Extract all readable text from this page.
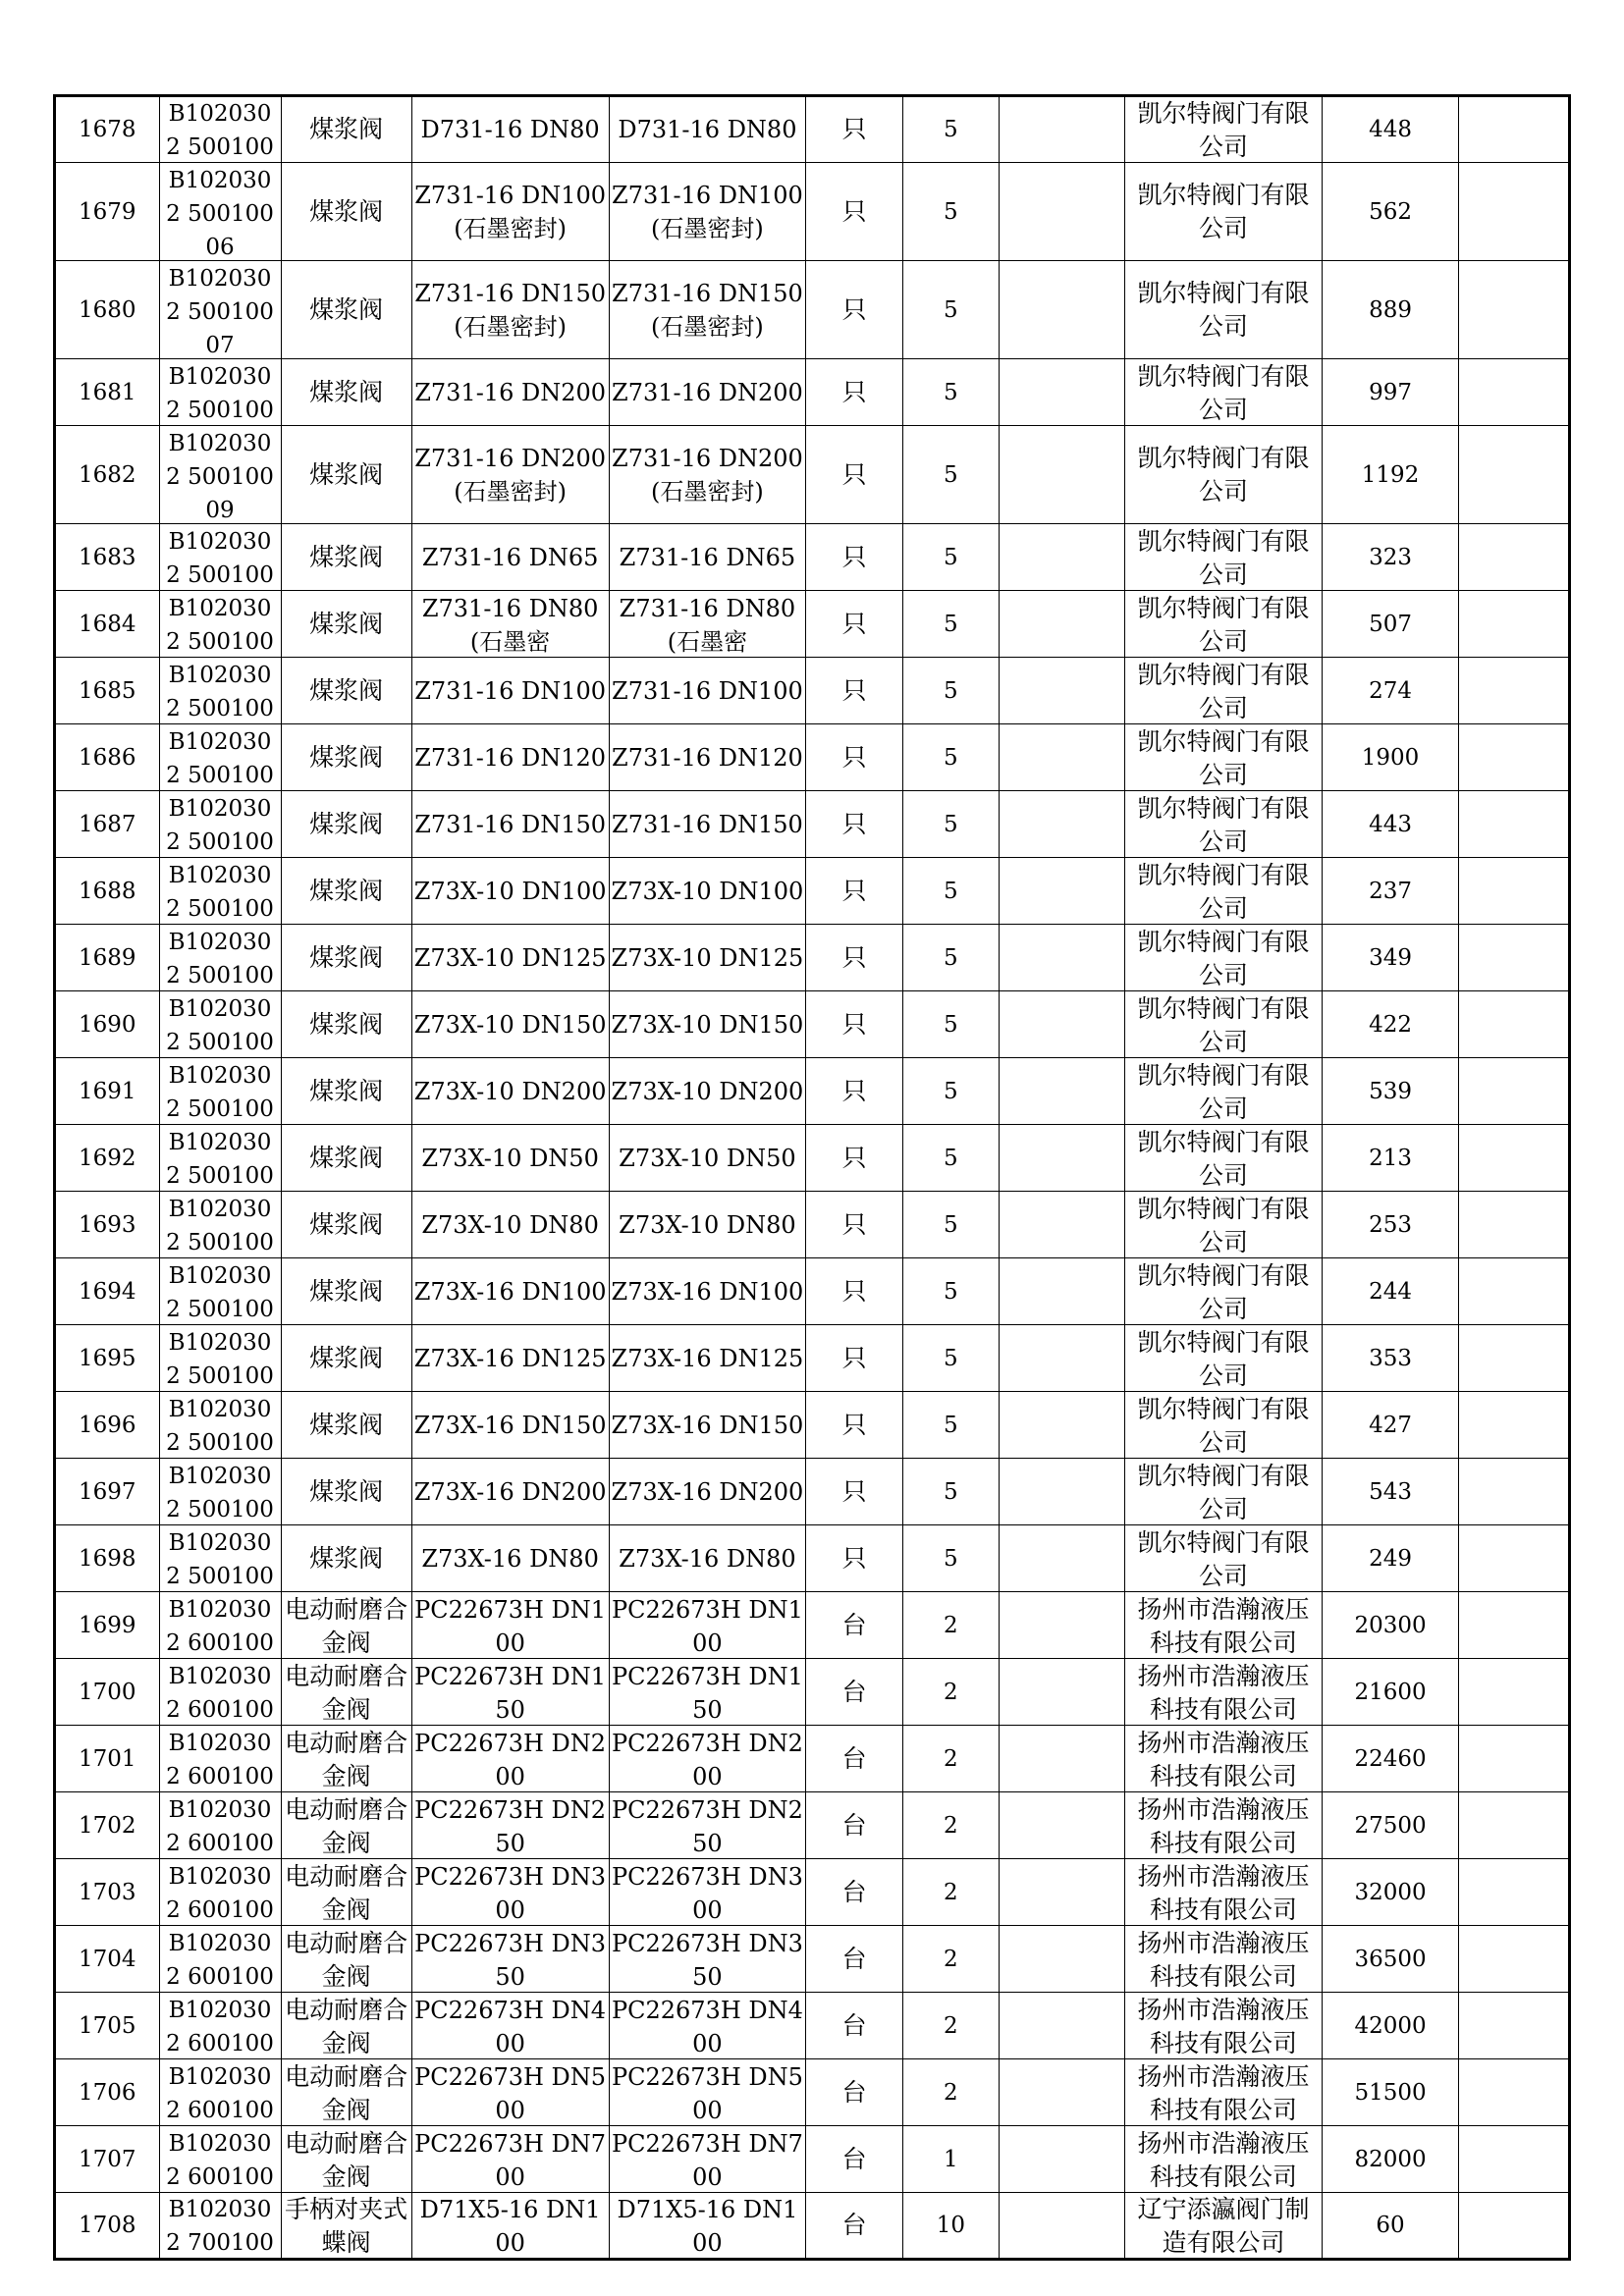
1678	B1020302 500100	煤浆阀	D731-16 DN80	D731-16 DN80	只	5		凯尔特阀门有限公司	448	

1679	B1020302 50010006	煤浆阀	Z731-16 DN100(石墨密封)	Z731-16 DN100(石墨密封)	只	5		凯尔特阀门有限公司	562	

1680	B1020302 50010007	煤浆阀	Z731-16 DN150(石墨密封)	Z731-16 DN150(石墨密封)	只	5		凯尔特阀门有限公司	889	

1681	B1020302 500100	煤浆阀	Z731-16 DN200	Z731-16 DN200	只	5		凯尔特阀门有限公司	997	

1682	B1020302 50010009	煤浆阀	Z731-16 DN200(石墨密封)	Z731-16 DN200(石墨密封)	只	5		凯尔特阀门有限公司	1192	

1683	B1020302 500100	煤浆阀	Z731-16 DN65	Z731-16 DN65	只	5		凯尔特阀门有限公司	323	

1684	B1020302 500100	煤浆阀	Z731-16 DN80(石墨密	Z731-16 DN80(石墨密	只	5		凯尔特阀门有限公司	507	

1685	B1020302 500100	煤浆阀	Z731-16 DN100	Z731-16 DN100	只	5		凯尔特阀门有限公司	274	

1686	B1020302 500100	煤浆阀	Z731-16 DN120	Z731-16 DN120	只	5		凯尔特阀门有限公司	1900	

1687	B1020302 500100	煤浆阀	Z731-16 DN150	Z731-16 DN150	只	5		凯尔特阀门有限公司	443	

1688	B1020302 500100	煤浆阀	Z73X-10 DN100	Z73X-10 DN100	只	5		凯尔特阀门有限公司	237	

1689	B1020302 500100	煤浆阀	Z73X-10 DN125	Z73X-10 DN125	只	5		凯尔特阀门有限公司	349	

1690	B1020302 500100	煤浆阀	Z73X-10 DN150	Z73X-10 DN150	只	5		凯尔特阀门有限公司	422	

1691	B1020302 500100	煤浆阀	Z73X-10 DN200	Z73X-10 DN200	只	5		凯尔特阀门有限公司	539	

1692	B1020302 500100	煤浆阀	Z73X-10 DN50	Z73X-10 DN50	只	5		凯尔特阀门有限公司	213	

1693	B1020302 500100	煤浆阀	Z73X-10 DN80	Z73X-10 DN80	只	5		凯尔特阀门有限公司	253	

1694	B1020302 500100	煤浆阀	Z73X-16 DN100	Z73X-16 DN100	只	5		凯尔特阀门有限公司	244	

1695	B1020302 500100	煤浆阀	Z73X-16 DN125	Z73X-16 DN125	只	5		凯尔特阀门有限公司	353	

1696	B1020302 500100	煤浆阀	Z73X-16 DN150	Z73X-16 DN150	只	5		凯尔特阀门有限公司	427	

1697	B1020302 500100	煤浆阀	Z73X-16 DN200	Z73X-16 DN200	只	5		凯尔特阀门有限公司	543	

1698	B1020302 500100	煤浆阀	Z73X-16 DN80	Z73X-16 DN80	只	5		凯尔特阀门有限公司	249	

1699	B1020302 600100	电动耐磨合金阀	PC22673H DN100	PC22673H DN100	台	2		扬州市浩瀚液压科技有限公司	20300	

1700	B1020302 600100	电动耐磨合金阀	PC22673H DN150	PC22673H DN150	台	2		扬州市浩瀚液压科技有限公司	21600	

1701	B1020302 600100	电动耐磨合金阀	PC22673H DN200	PC22673H DN200	台	2		扬州市浩瀚液压科技有限公司	22460	

1702	B1020302 600100	电动耐磨合金阀	PC22673H DN250	PC22673H DN250	台	2		扬州市浩瀚液压科技有限公司	27500	

1703	B1020302 600100	电动耐磨合金阀	PC22673H DN300	PC22673H DN300	台	2		扬州市浩瀚液压科技有限公司	32000	

1704	B1020302 600100	电动耐磨合金阀	PC22673H DN350	PC22673H DN350	台	2		扬州市浩瀚液压科技有限公司	36500	

1705	B1020302 600100	电动耐磨合金阀	PC22673H DN400	PC22673H DN400	台	2		扬州市浩瀚液压科技有限公司	42000	

1706	B1020302 600100	电动耐磨合金阀	PC22673H DN500	PC22673H DN500	台	2		扬州市浩瀚液压科技有限公司	51500	

1707	B1020302 600100	电动耐磨合金阀	PC22673H DN700	PC22673H DN700	台	1		扬州市浩瀚液压科技有限公司	82000	

1708	B1020302 700100	手柄对夹式蝶阀	D71X5-16 DN100	D71X5-16 DN100	台	10		辽宁添瀛阀门制造有限公司	60	
